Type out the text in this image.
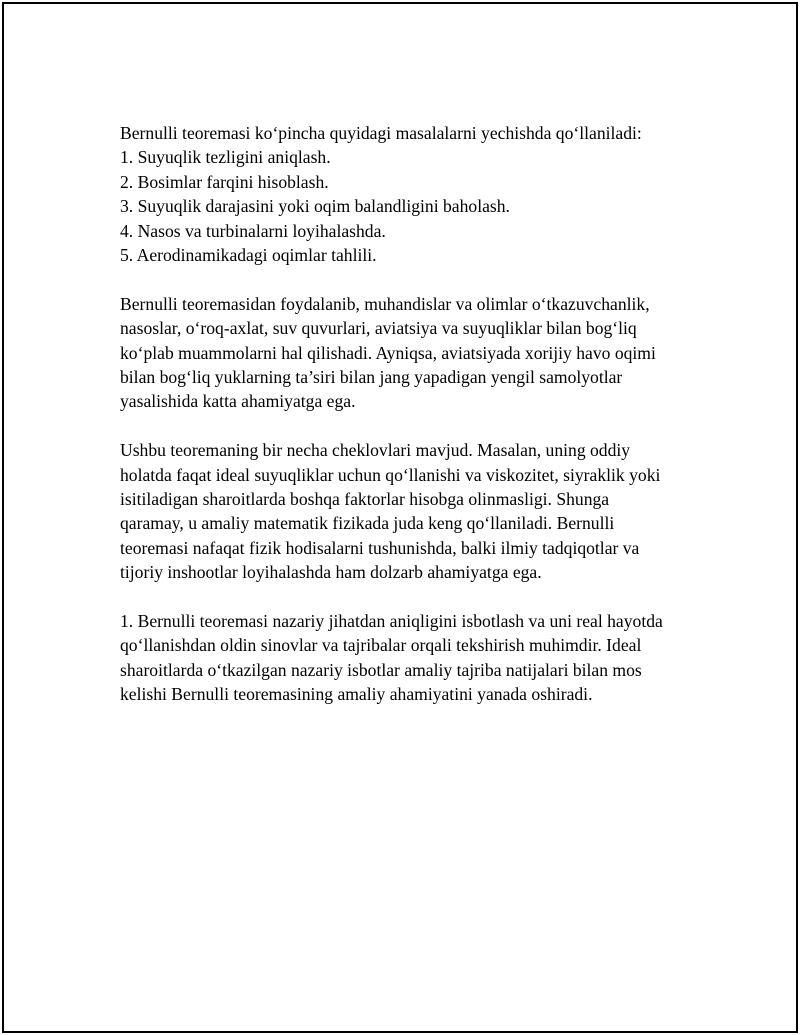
Bernulli teoremasi ko‘pincha quyidagi masalalarni yechishda qo‘llaniladi:
1. Suyuqlik tezligini aniqlash.
2. Bosimlar farqini hisoblash.
3. Suyuqlik darajasini yoki oqim balandligini baholash.
4. Nasos va turbinalarni loyihalashda.
5. Aerodinamikadagi oqimlar tahlili.
Bernulli teoremasidan foydalanib, muhandislar va olimlar o‘tkazuvchanlik,
nasoslar, o‘roq-axlat, suv quvurlari, aviatsiya va suyuqliklar bilan bog‘liq
ko‘plab muammolarni hal qilishadi. Ayniqsa, aviatsiyada xorijiy havo oqimi
bilan bog‘liq yuklarning ta’siri bilan jang yapadigan yengil samolyotlar
yasalishida katta ahamiyatga ega.
Ushbu teoremaning bir necha cheklovlari mavjud. Masalan, uning oddiy
holatda faqat ideal suyuqliklar uchun qo‘llanishi va viskozitet, siyraklik yoki
isitiladigan sharoitlarda boshqa faktorlar hisobga olinmasligi. Shunga
qaramay, u amaliy matematik fizikada juda keng qo‘llaniladi. Bernulli
teoremasi nafaqat fizik hodisalarni tushunishda, balki ilmiy tadqiqotlar va
tijoriy inshootlar loyihalashda ham dolzarb ahamiyatga ega.
1. Bernulli teoremasi nazariy jihatdan aniqligini isbotlash va uni real hayotda
qo‘llanishdan oldin sinovlar va tajribalar orqali tekshirish muhimdir. Ideal
sharoitlarda o‘tkazilgan nazariy isbotlar amaliy tajriba natijalari bilan mos
kelishi Bernulli teoremasining amaliy ahamiyatini yanada oshiradi.
